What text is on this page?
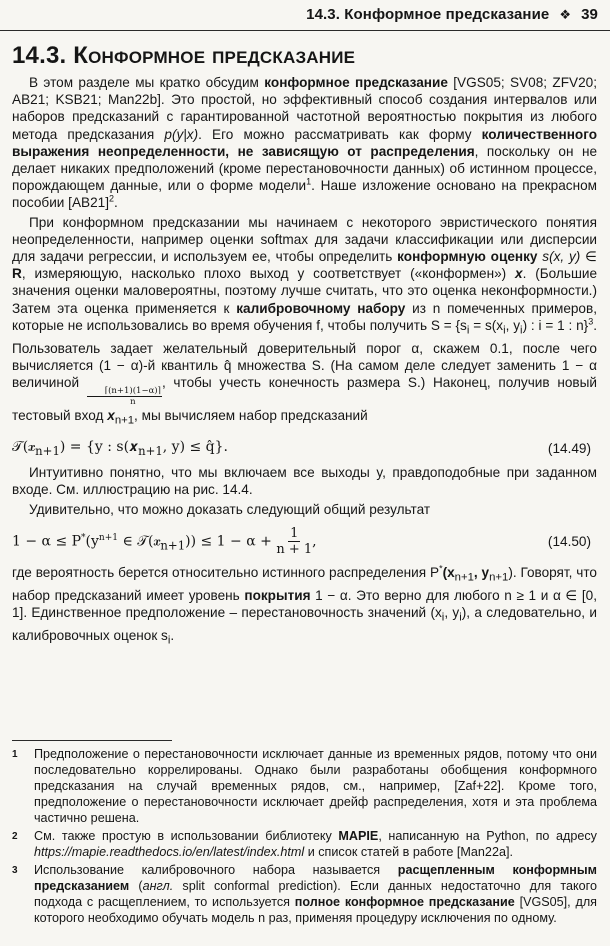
14.3. Конформное предсказание ❖ 39
14.3. Конформное предсказание

В этом разделе мы кратко обсудим конформное предсказание [VGS05; SV08; ZFV20; AB21; KSB21; Man22b]. Это простой, но эффективный способ создания интервалов или наборов предсказаний с гарантированной частотной вероятностью покрытия из любого метода предсказания p(y|x). Его можно рассматривать как форму количественного выражения неопределенности, не зависящую от распределения, поскольку он не делает никаких предположений (кроме перестановочности данных) об истинном процессе, порождающем данные, или о форме модели$^1$. Наше изложение основано на прекрасном пособии $[AB21]^2$.

При конформном предсказании мы начинаем с некоторого эвристического понятия неопределенности, например оценки softmax для задачи классификации или дисперсии для задачи регрессии, и используем ее, чтобы определить конформную оценку s(x, y) ∈ R, измеряющую, насколько плохо выход y соответствует («конформен») x. (Большие значения оценки маловероятны, поэтому лучше считать, что это оценка неконформности.) Затем эта оценка применяется к калибровочному набору из n помеченных примеров, которые не использовались во время обучения f, чтобы получить $S = \{s_i = s(x_i$, $y_i$) : i = 1 : n}$^3$. Пользователь задает желательный доверительный порог α, скажем 0.1, после чего вычисляется (1 − α)-й квантиль q̂ множества S. (На самом деле следует заменить 1 − α величиной
$\frac{⌈(n+1)(1-\alpha)⌉}{n}$
, чтобы учесть конечность размера S.) Наконец, получив новый тестовый вход $x_{n+1}$, мы вычисляем набор предсказаний

𝒯(𝒙$_{n+1}$) = {y : s(𝒙$_{n+1}$, y) ≤ q̂}.	(14.49)

Интуитивно понятно, что мы включаем все выходы y, правдоподобные при заданном входе. См. иллюстрацию на рис. 14.4.

Удивительно, что можно доказать следующий общий результат

$1 - \alpha \le P^*(y^{n+1}$ ∈ 𝒯(𝒙$_{n+1}$)) ≤ $1 - \alpha + \frac{1}{n + 1}$ ,	(14.50)

где вероятность берется относительно истинного распределения $P^*(x_{n+1}$, $y_{n+1}$). Говорят, что набор предсказаний имеет уровень покрытия 1 − α. Это верно для любого n ≥ 1 и α ∈ [0, 1]. Единственное предположение – перестановочность значений ($x_i$, $y_i$), а следовательно, и калибровочных оценок $s_i$.

1	Предположение о перестановочности исключает данные из временных рядов, потому что они последовательно коррелированы. Однако были разработаны обобщения конформного предсказания на случай временных рядов, см., например, [Zaf+22]. Кроме того, предположение о перестановочности исключает дрейф распределения, хотя и эта проблема частично решена.
2	См. также простую в использовании библиотеку MAPIE, написанную на Python, по адресу https://mapie.readthedocs.io/en/latest/index.html и список статей в работе [Man22a].
3	Использование калибровочного набора называется расщепленным конформным предсказанием (англ. split conformal prediction). Если данных недостаточно для такого подхода с расщеплением, то используется полное конформное предсказание [VGS05], для которого необходимо обучать модель n раз, применяя процедуру исключения по одному.
